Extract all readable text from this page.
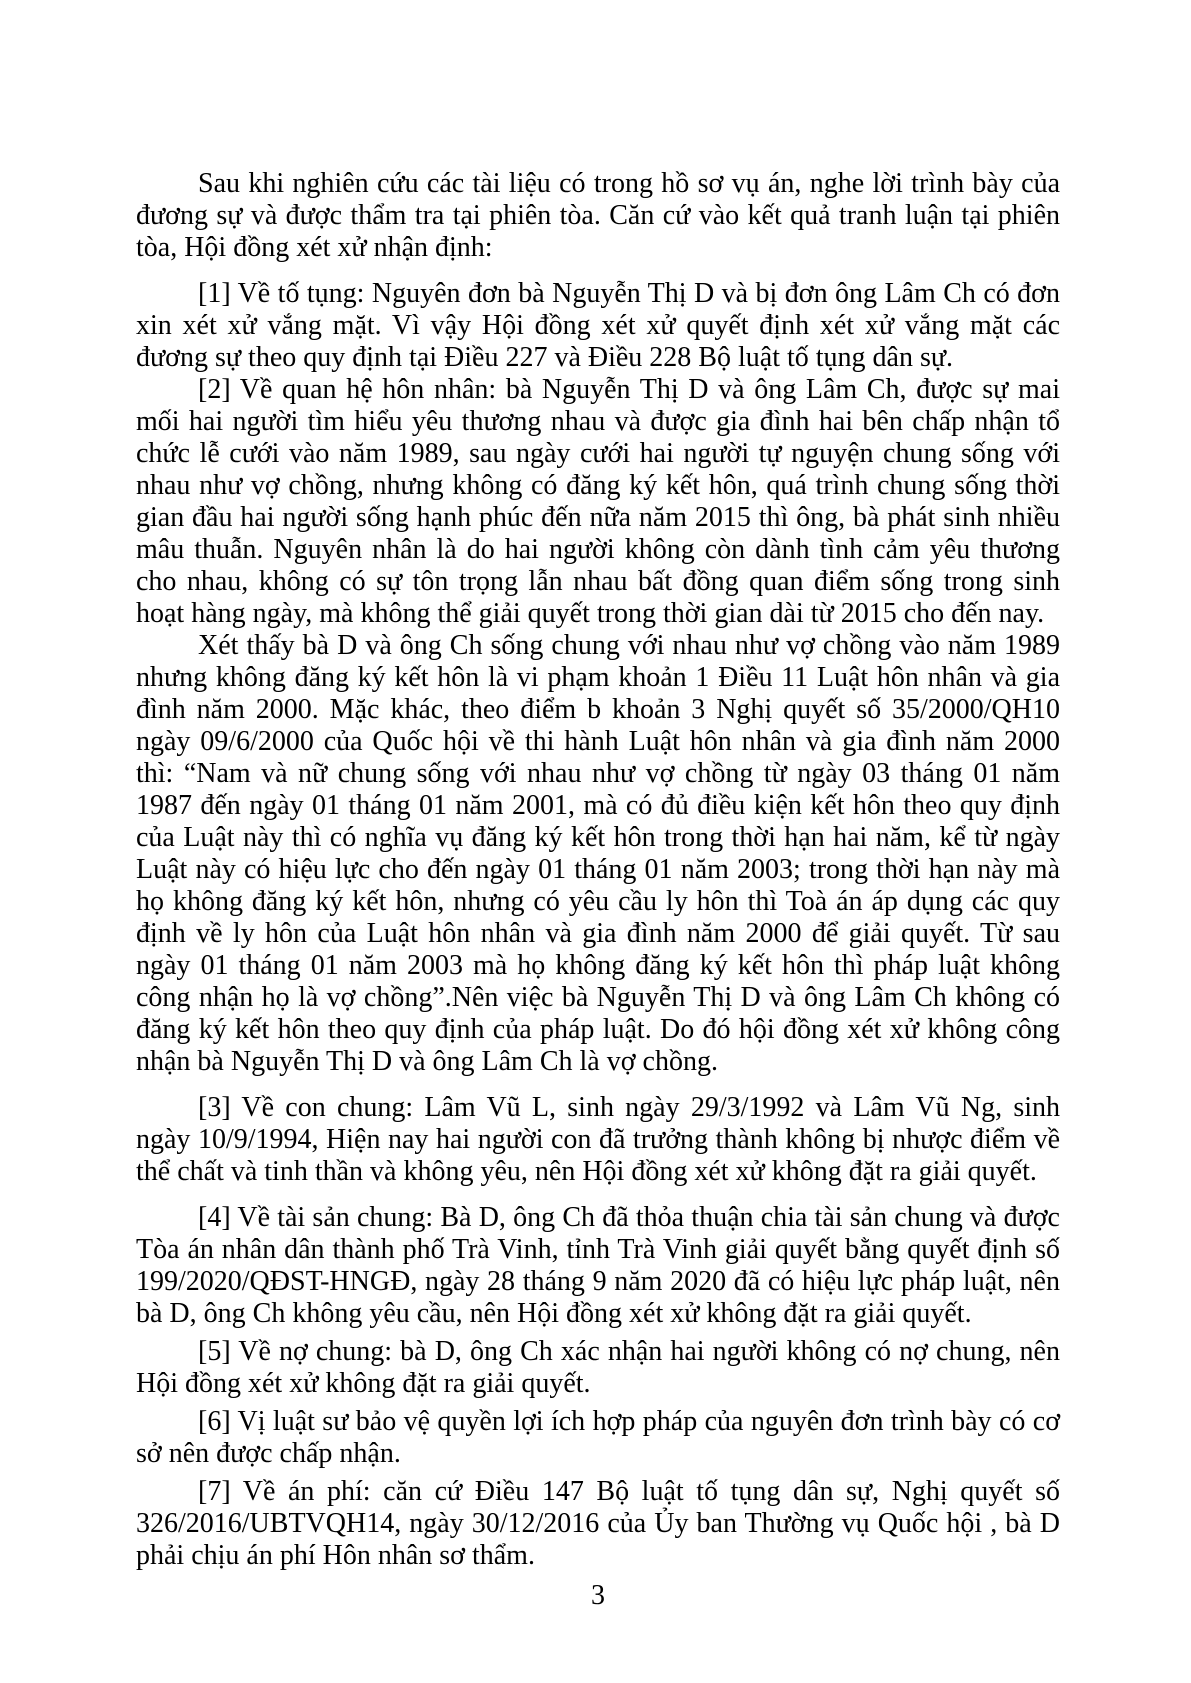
Sau khi nghiên cứu các tài liệu có trong hồ sơ vụ án, nghe lời trình bày của đương sự và được thẩm tra tại phiên tòa. Căn cứ vào kết quả tranh luận tại phiên tòa, Hội đồng xét xử nhận định:

[1] Về tố tụng: Nguyên đơn bà Nguyễn Thị D và bị đơn ông Lâm Ch có đơn xin xét xử vắng mặt. Vì vậy Hội đồng xét xử quyết định xét xử vắng mặt các đương sự theo quy định tại Điều 227 và Điều 228 Bộ luật tố tụng dân sự.

[2] Về quan hệ hôn nhân: bà Nguyễn Thị D và ông Lâm Ch, được sự mai mối hai người tìm hiểu yêu thương nhau và được gia đình hai bên chấp nhận tổ chức lễ cưới vào năm 1989, sau ngày cưới hai người tự nguyện chung sống với nhau như vợ chồng, nhưng không có đăng ký kết hôn, quá trình chung sống thời gian đầu hai người sống hạnh phúc đến nữa năm 2015 thì ông, bà phát sinh nhiều mâu thuẫn. Nguyên nhân là do hai người không còn dành tình cảm yêu thương cho nhau, không có sự tôn trọng lẫn nhau bất đồng quan điểm sống trong sinh hoạt hàng ngày, mà không thể giải quyết trong thời gian dài từ 2015 cho đến nay.

Xét thấy bà D và ông Ch sống chung với nhau như vợ chồng vào năm 1989 nhưng không đăng ký kết hôn là vi phạm khoản 1 Điều 11 Luật hôn nhân và gia đình năm 2000. Mặc khác, theo điểm b khoản 3 Nghị quyết số 35/2000/QH10 ngày 09/6/2000 của Quốc hội về thi hành Luật hôn nhân và gia đình năm 2000 thì: “Nam và nữ chung sống với nhau như vợ chồng từ ngày 03 tháng 01 năm 1987 đến ngày 01 tháng 01 năm 2001, mà có đủ điều kiện kết hôn theo quy định của Luật này thì có nghĩa vụ đăng ký kết hôn trong thời hạn hai năm, kể từ ngày Luật này có hiệu lực cho đến ngày 01 tháng 01 năm 2003; trong thời hạn này mà họ không đăng ký kết hôn, nhưng có yêu cầu ly hôn thì Toà án áp dụng các quy định về ly hôn của Luật hôn nhân và gia đình năm 2000 để giải quyết. Từ sau ngày 01 tháng 01 năm 2003 mà họ không đăng ký kết hôn thì pháp luật không công nhận họ là vợ chồng”.Nên việc bà Nguyễn Thị D và ông Lâm Ch không có đăng ký kết hôn theo quy định của pháp luật. Do đó hội đồng xét xử không công nhận bà Nguyễn Thị D và ông Lâm Ch là vợ chồng.

[3] Về con chung: Lâm Vũ L, sinh ngày 29/3/1992 và Lâm Vũ Ng, sinh ngày 10/9/1994, Hiện nay hai người con đã trưởng thành không bị nhược điểm về thể chất và tinh thần và không yêu, nên Hội đồng xét xử không đặt ra giải quyết.

[4] Về tài sản chung: Bà D, ông Ch đã thỏa thuận chia tài sản chung và được Tòa án nhân dân thành phố Trà Vinh, tỉnh Trà Vinh giải quyết bằng quyết định số 199/2020/QĐST-HNGĐ, ngày 28 tháng 9 năm 2020 đã có hiệu lực pháp luật, nên bà D, ông Ch không yêu cầu, nên Hội đồng xét xử không đặt ra giải quyết.

[5] Về nợ chung: bà D, ông Ch xác nhận hai người không có nợ chung, nên Hội đồng xét xử không đặt ra giải quyết.

[6] Vị luật sư bảo vệ quyền lợi ích hợp pháp của nguyên đơn trình bày có cơ sở nên được chấp nhận.

[7] Về án phí: căn cứ Điều 147 Bộ luật tố tụng dân sự, Nghị quyết số 326/2016/UBTVQH14, ngày 30/12/2016 của Ủy ban Thường vụ Quốc hội , bà D phải chịu án phí Hôn nhân sơ thẩm.

3
